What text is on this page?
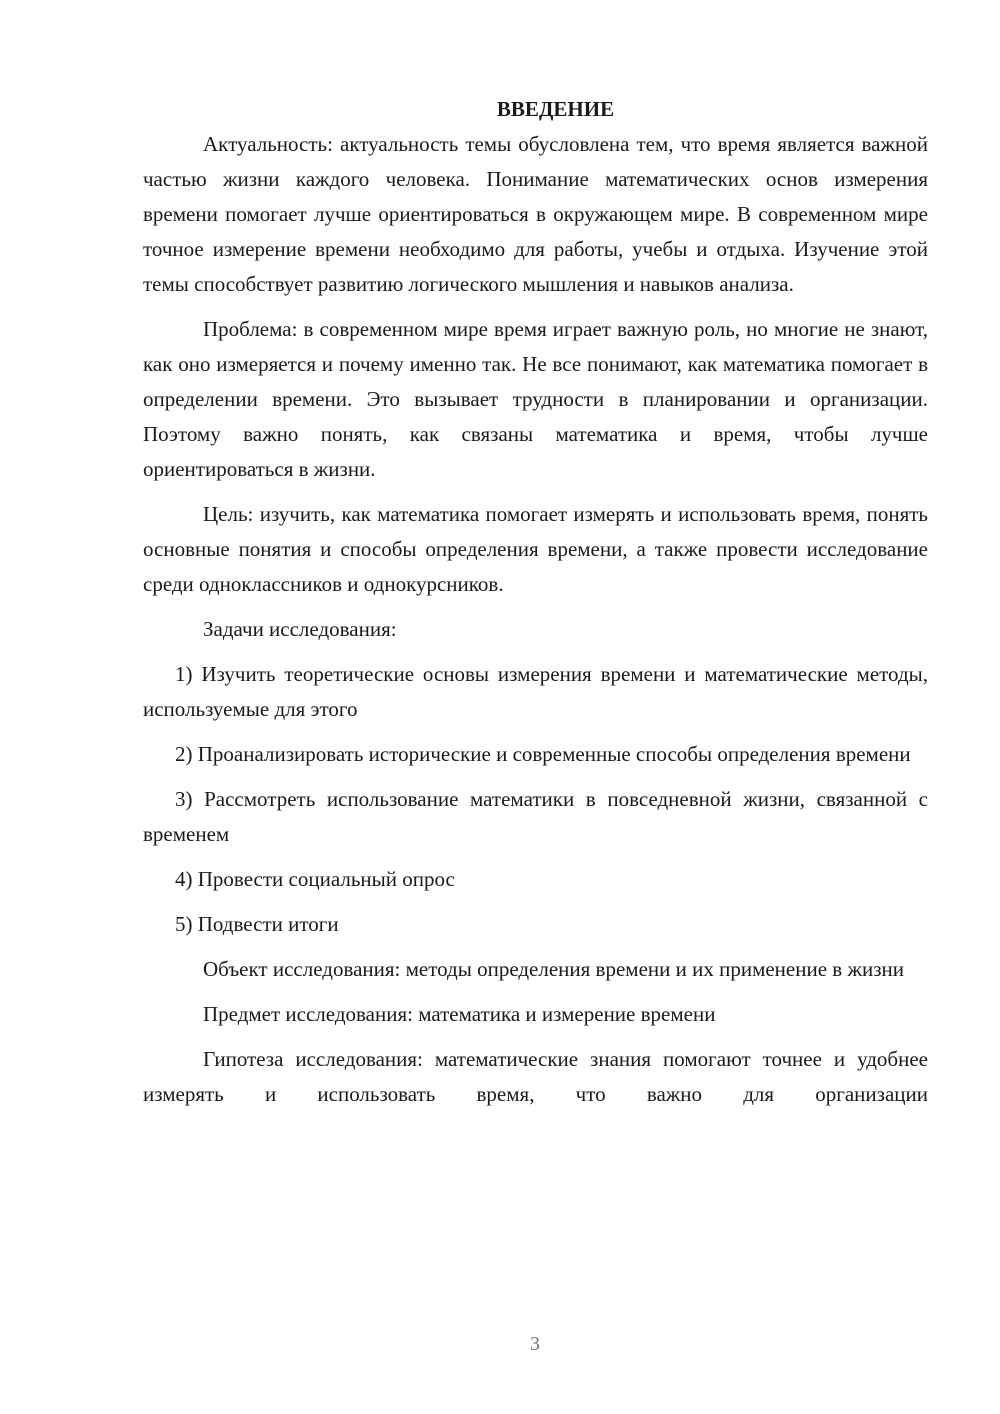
ВВЕДЕНИЕ

Актуальность: актуальность темы обусловлена тем, что время является важной частью жизни каждого человека. Понимание математических основ измерения времени помогает лучше ориентироваться в окружающем мире. В современном мире точное измерение времени необходимо для работы, учебы и отдыха. Изучение этой темы способствует развитию логического мышления и навыков анализа.

Проблема: в современном мире время играет важную роль, но многие не знают, как оно измеряется и почему именно так. Не все понимают, как математика помогает в определении времени. Это вызывает трудности в планировании и организации. Поэтому важно понять, как связаны математика и время, чтобы лучше ориентироваться в жизни.

Цель: изучить, как математика помогает измерять и использовать время, понять основные понятия и способы определения времени, а также провести исследование среди одноклассников и однокурсников.

Задачи исследования:

1) Изучить теоретические основы измерения времени и математические методы, используемые для этого

2) Проанализировать исторические и современные способы определения времени

3) Рассмотреть использование математики в повседневной жизни, связанной с временем

4) Провести социальный опрос

5) Подвести итоги

Объект исследования: методы определения времени и их применение в жизни

Предмет исследования: математика и измерение времени

Гипотеза исследования: математические знания помогают точнее и удобнее измерять и использовать время, что важно для организации

3
